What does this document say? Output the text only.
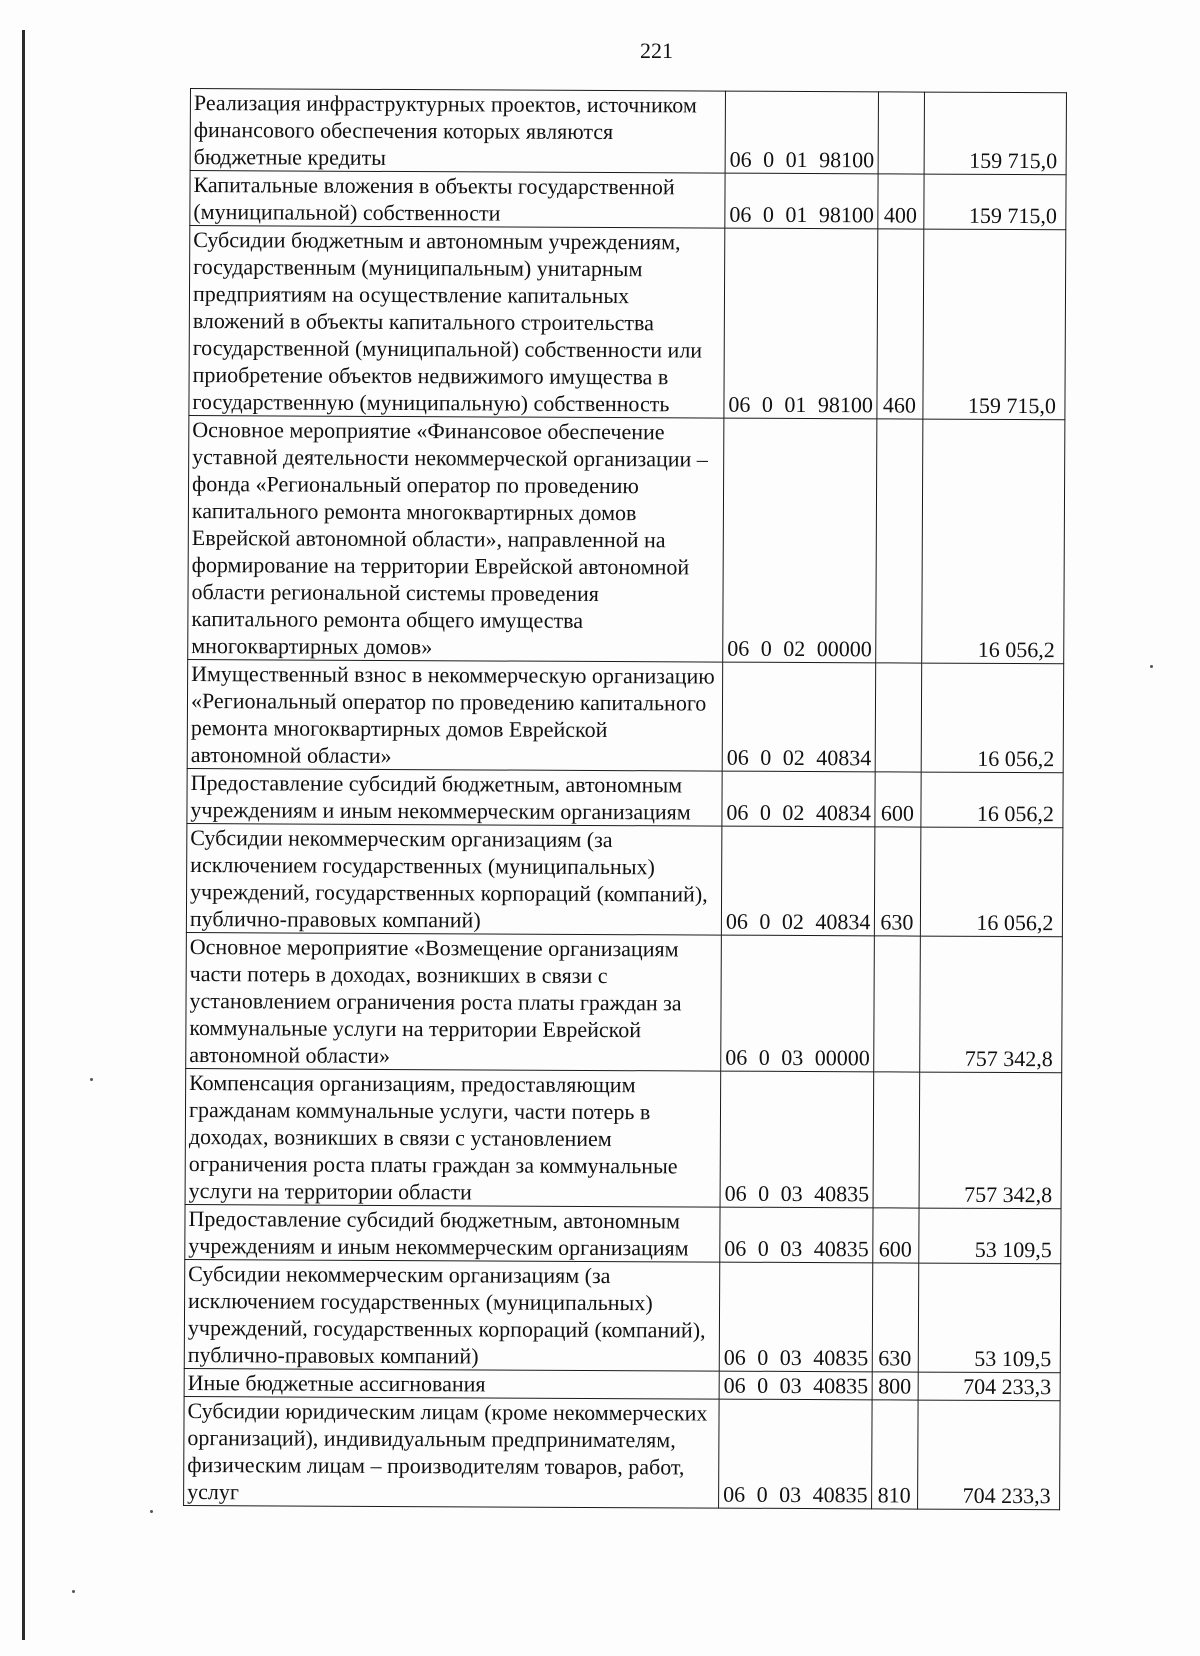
221
Реализация инфраструктурных проектов, источником финансового обеспечения которых являются бюджетные кредиты	06 0 01 98100		159 715,0
Капитальные вложения в объекты государственной (муниципальной) собственности	06 0 01 98100	400	159 715,0
Субсидии бюджетным и автономным учреждениям, государственным (муниципальным) унитарным предприятиям на осуществление капитальных вложений в объекты капитального строительства государственной (муниципальной) собственности или приобретение объектов недвижимого имущества в государственную (муниципальную) собственность	06 0 01 98100	460	159 715,0
Основное мероприятие «Финансовое обеспечение уставной деятельности некоммерческой организации – фонда «Региональный оператор по проведению капитального ремонта многоквартирных домов Еврейской автономной области», направленной на формирование на территории Еврейской автономной области региональной системы проведения капитального ремонта общего имущества многоквартирных домов»	06 0 02 00000		16 056,2
Имущественный взнос в некоммерческую организацию «Региональный оператор по проведению капитального ремонта многоквартирных домов Еврейской автономной области»	06 0 02 40834		16 056,2
Предоставление субсидий бюджетным, автономным учреждениям и иным некоммерческим организациям	06 0 02 40834	600	16 056,2
Субсидии некоммерческим организациям (за исключением государственных (муниципальных) учреждений, государственных корпораций (компаний), публично-правовых компаний)	06 0 02 40834	630	16 056,2
Основное мероприятие «Возмещение организациям части потерь в доходах, возникших в связи с установлением ограничения роста платы граждан за коммунальные услуги на территории Еврейской автономной области»	06 0 03 00000		757 342,8
Компенсация организациям, предоставляющим гражданам коммунальные услуги, части потерь в доходах, возникших в связи с установлением ограничения роста платы граждан за коммунальные услуги на территории области	06 0 03 40835		757 342,8
Предоставление субсидий бюджетным, автономным учреждениям и иным некоммерческим организациям	06 0 03 40835	600	53 109,5
Субсидии некоммерческим организациям (за исключением государственных (муниципальных) учреждений, государственных корпораций (компаний), публично-правовых компаний)	06 0 03 40835	630	53 109,5
Иные бюджетные ассигнования	06 0 03 40835	800	704 233,3
Субсидии юридическим лицам (кроме некоммерческих организаций), индивидуальным предпринимателям, физическим лицам – производителям товаров, работ, услуг	06 0 03 40835	810	704 233,3
